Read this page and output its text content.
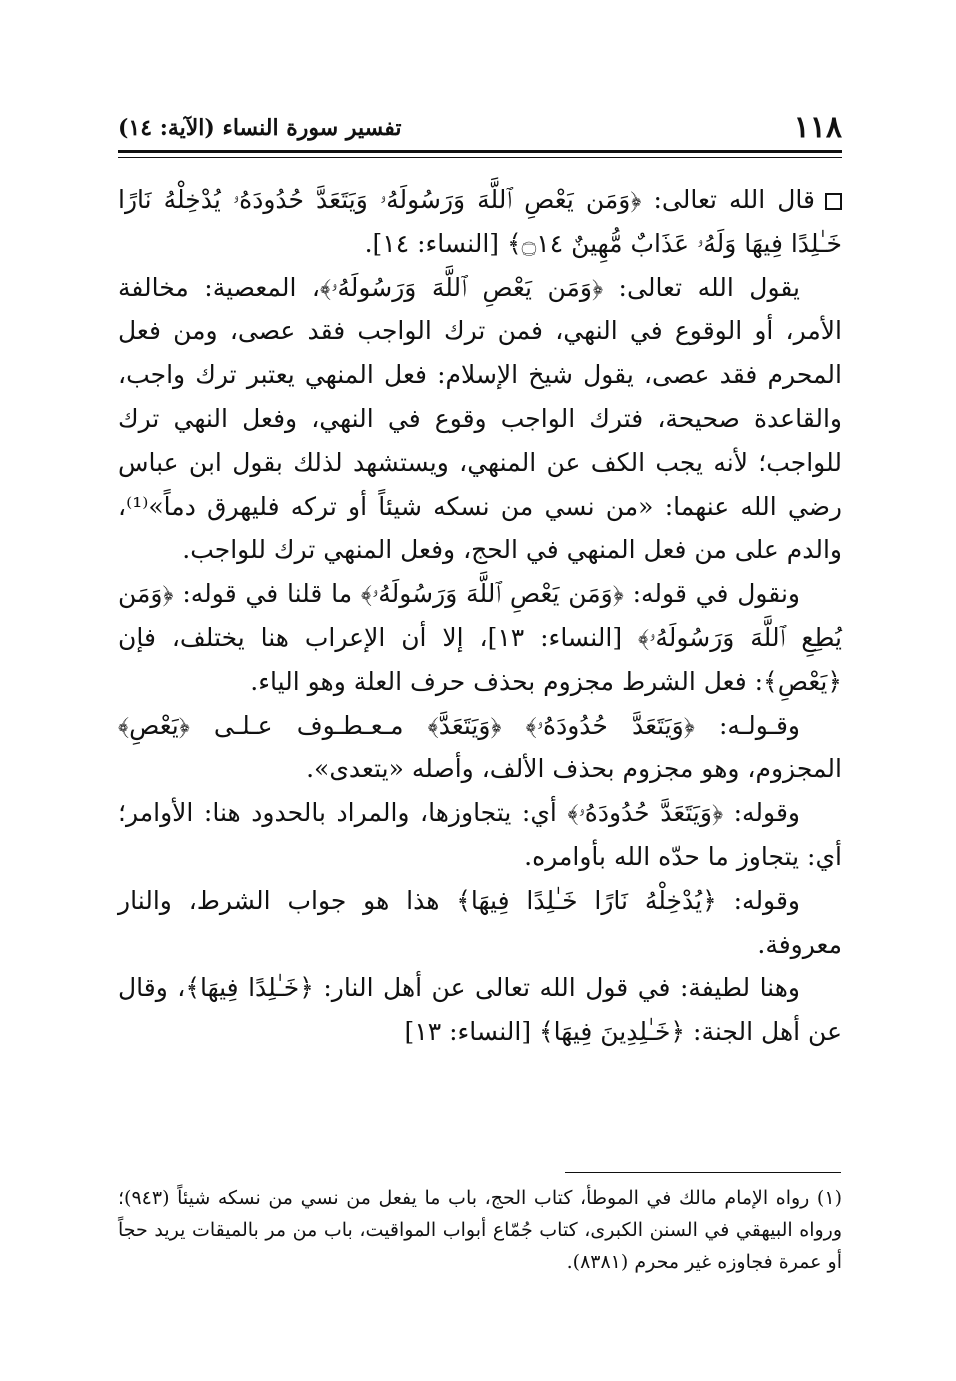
١١٨
تفسير سورة النساء (الآية: ١٤)

قال الله تعالى: ﴿وَمَن يَعْصِ ٱللَّهَ وَرَسُولَهُۥ وَيَتَعَدَّ حُدُودَهُۥ يُدْخِلْهُ نَارًا خَـٰلِدًا فِيهَا وَلَهُۥ عَذَابٌ مُّهِينٌ ۝١٤﴾ [النساء: ١٤].

يقول الله تعالى: ﴿وَمَن يَعْصِ ٱللَّهَ وَرَسُولَهُۥ﴾، المعصية: مخالفة الأمر، أو الوقوع في النهي، فمن ترك الواجب فقد عصى، ومن فعل المحرم فقد عصى، يقول شيخ الإسلام: فعل المنهي يعتبر ترك واجب، والقاعدة صحيحة، فترك الواجب وقوع في النهي، وفعل النهي ترك للواجب؛ لأنه يجب الكف عن المنهي، ويستشهد لذلك بقول ابن عباس رضي الله عنهما: «من نسي من نسكه شيئاً أو تركه فليهرق دماً»⁽¹⁾، والدم على من فعل المنهي في الحج، وفعل المنهي ترك للواجب.

ونقول في قوله: ﴿وَمَن يَعْصِ ٱللَّهَ وَرَسُولَهُۥ﴾ ما قلنا في قوله: ﴿وَمَن يُطِعِ ٱللَّهَ وَرَسُولَهُۥ﴾ [النساء: ١٣]، إلا أن الإعراب هنا يختلف، فإن ﴿يَعْصِ﴾: فعل الشرط مجزوم بحذف حرف العلة وهو الياء.

وقـولـه: ﴿وَيَتَعَدَّ حُدُودَهُۥ﴾ ﴿وَيَتَعَدَّ﴾ مـعـطـوف عـلـى ﴿يَعْصِ﴾ المجزوم، وهو مجزوم بحذف الألف، وأصله «يتعدى».

وقوله: ﴿وَيَتَعَدَّ حُدُودَهُۥ﴾ أي: يتجاوزها، والمراد بالحدود هنا: الأوامر؛ أي: يتجاوز ما حدّه الله بأوامره.

وقوله: ﴿يُدْخِلْهُ نَارًا خَـٰلِدًا فِيهَا﴾ هذا هو جواب الشرط، والنار معروفة.

وهنا لطيفة: في قول الله تعالى عن أهل النار: ﴿خَـٰلِدًا فِيهَا﴾، وقال عن أهل الجنة: ﴿خَـٰلِدِينَ فِيهَا﴾ [النساء: ١٣]

(١) رواه الإمام مالك في الموطأ، كتاب الحج، باب ما يفعل من نسي من نسكه شيئاً (٩٤٣)؛ ورواه البيهقي في السنن الكبرى، كتاب جُمّاع أبواب المواقيت، باب من مر بالميقات يريد حجاً أو عمرة فجاوزه غير محرم (٨٣٨١).
